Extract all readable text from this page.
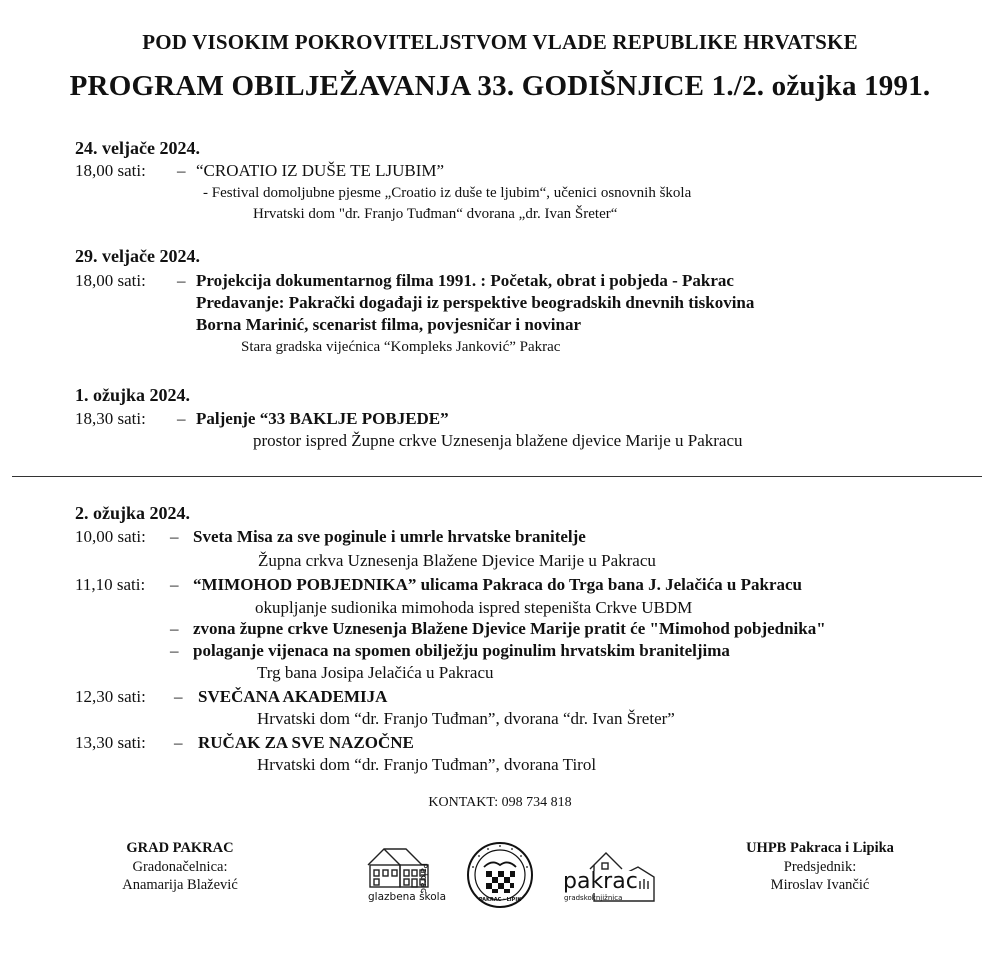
POD VISOKIM POKROVITELJSTVOM VLADE REPUBLIKE HRVATSKE
PROGRAM OBILJEŽAVANJA 33. GODIŠNJICE 1./2. ožujka 1991.
24. veljače 2024.
18,00 sati: – “CROATIO IZ DUŠE TE LJUBIM”
- Festival domoljubne pjesme „Croatio iz duše te ljubim“, učenici osnovnih škola
Hrvatski dom "dr. Franjo Tuđman“ dvorana „dr. Ivan Šreter“
29. veljače 2024.
18,00 sati: – Projekcija dokumentarnog filma 1991. : Početak, obrat i pobjeda - Pakrac
Predavanje: Pakrački događaji iz perspektive beogradskih dnevnih tiskovina
Borna Marinić, scenarist filma, povjesničar i novinar
Stara gradska vijećnica “Kompleks Janković” Pakrac
1. ožujka 2024.
18,30 sati: – Paljenje “33 BAKLJE POBJEDE”
prostor ispred Župne crkve Uznesenja blažene djevice Marije u Pakracu
2. ožujka 2024.
10,00 sati: – Sveta Misa za sve poginule i umrle hrvatske branitelje
Župna crkva Uznesenja Blažene Djevice Marije u Pakracu
11,10 sati: – “MIMOHOD POBJEDNIKA” ulicama Pakraca do Trga bana J. Jelačića u Pakracu
okupljanje sudionika mimohoda ispred stepeništa Crkve UBDM
– zvona župne crkve Uznesenja Blažene Djevice Marije pratit će "Mimohod pobjednika"
– polaganje vijenaca na spomen obilježju poginulim hrvatskim braniteljima
Trg bana Josipa Jelačića u Pakracu
12,30 sati: – SVEČANA AKADEMIJA
Hrvatski dom “dr. Franjo Tuđman”, dvorana “dr. Ivan Šreter”
13,30 sati: – RUČAK ZA SVE NAZOČNE
Hrvatski dom “dr. Franjo Tuđman”, dvorana Tirol
KONTAKT: 098 734 818
GRAD PAKRAC
Gradonačelnica:
Anamarija Blažević
UHPB Pakraca i Lipika
Predsjednik:
Miroslav Ivančić
glazbena škola
Pakrac
PAKRAC · LIPIK
pakrac
gradskoknjižnica
